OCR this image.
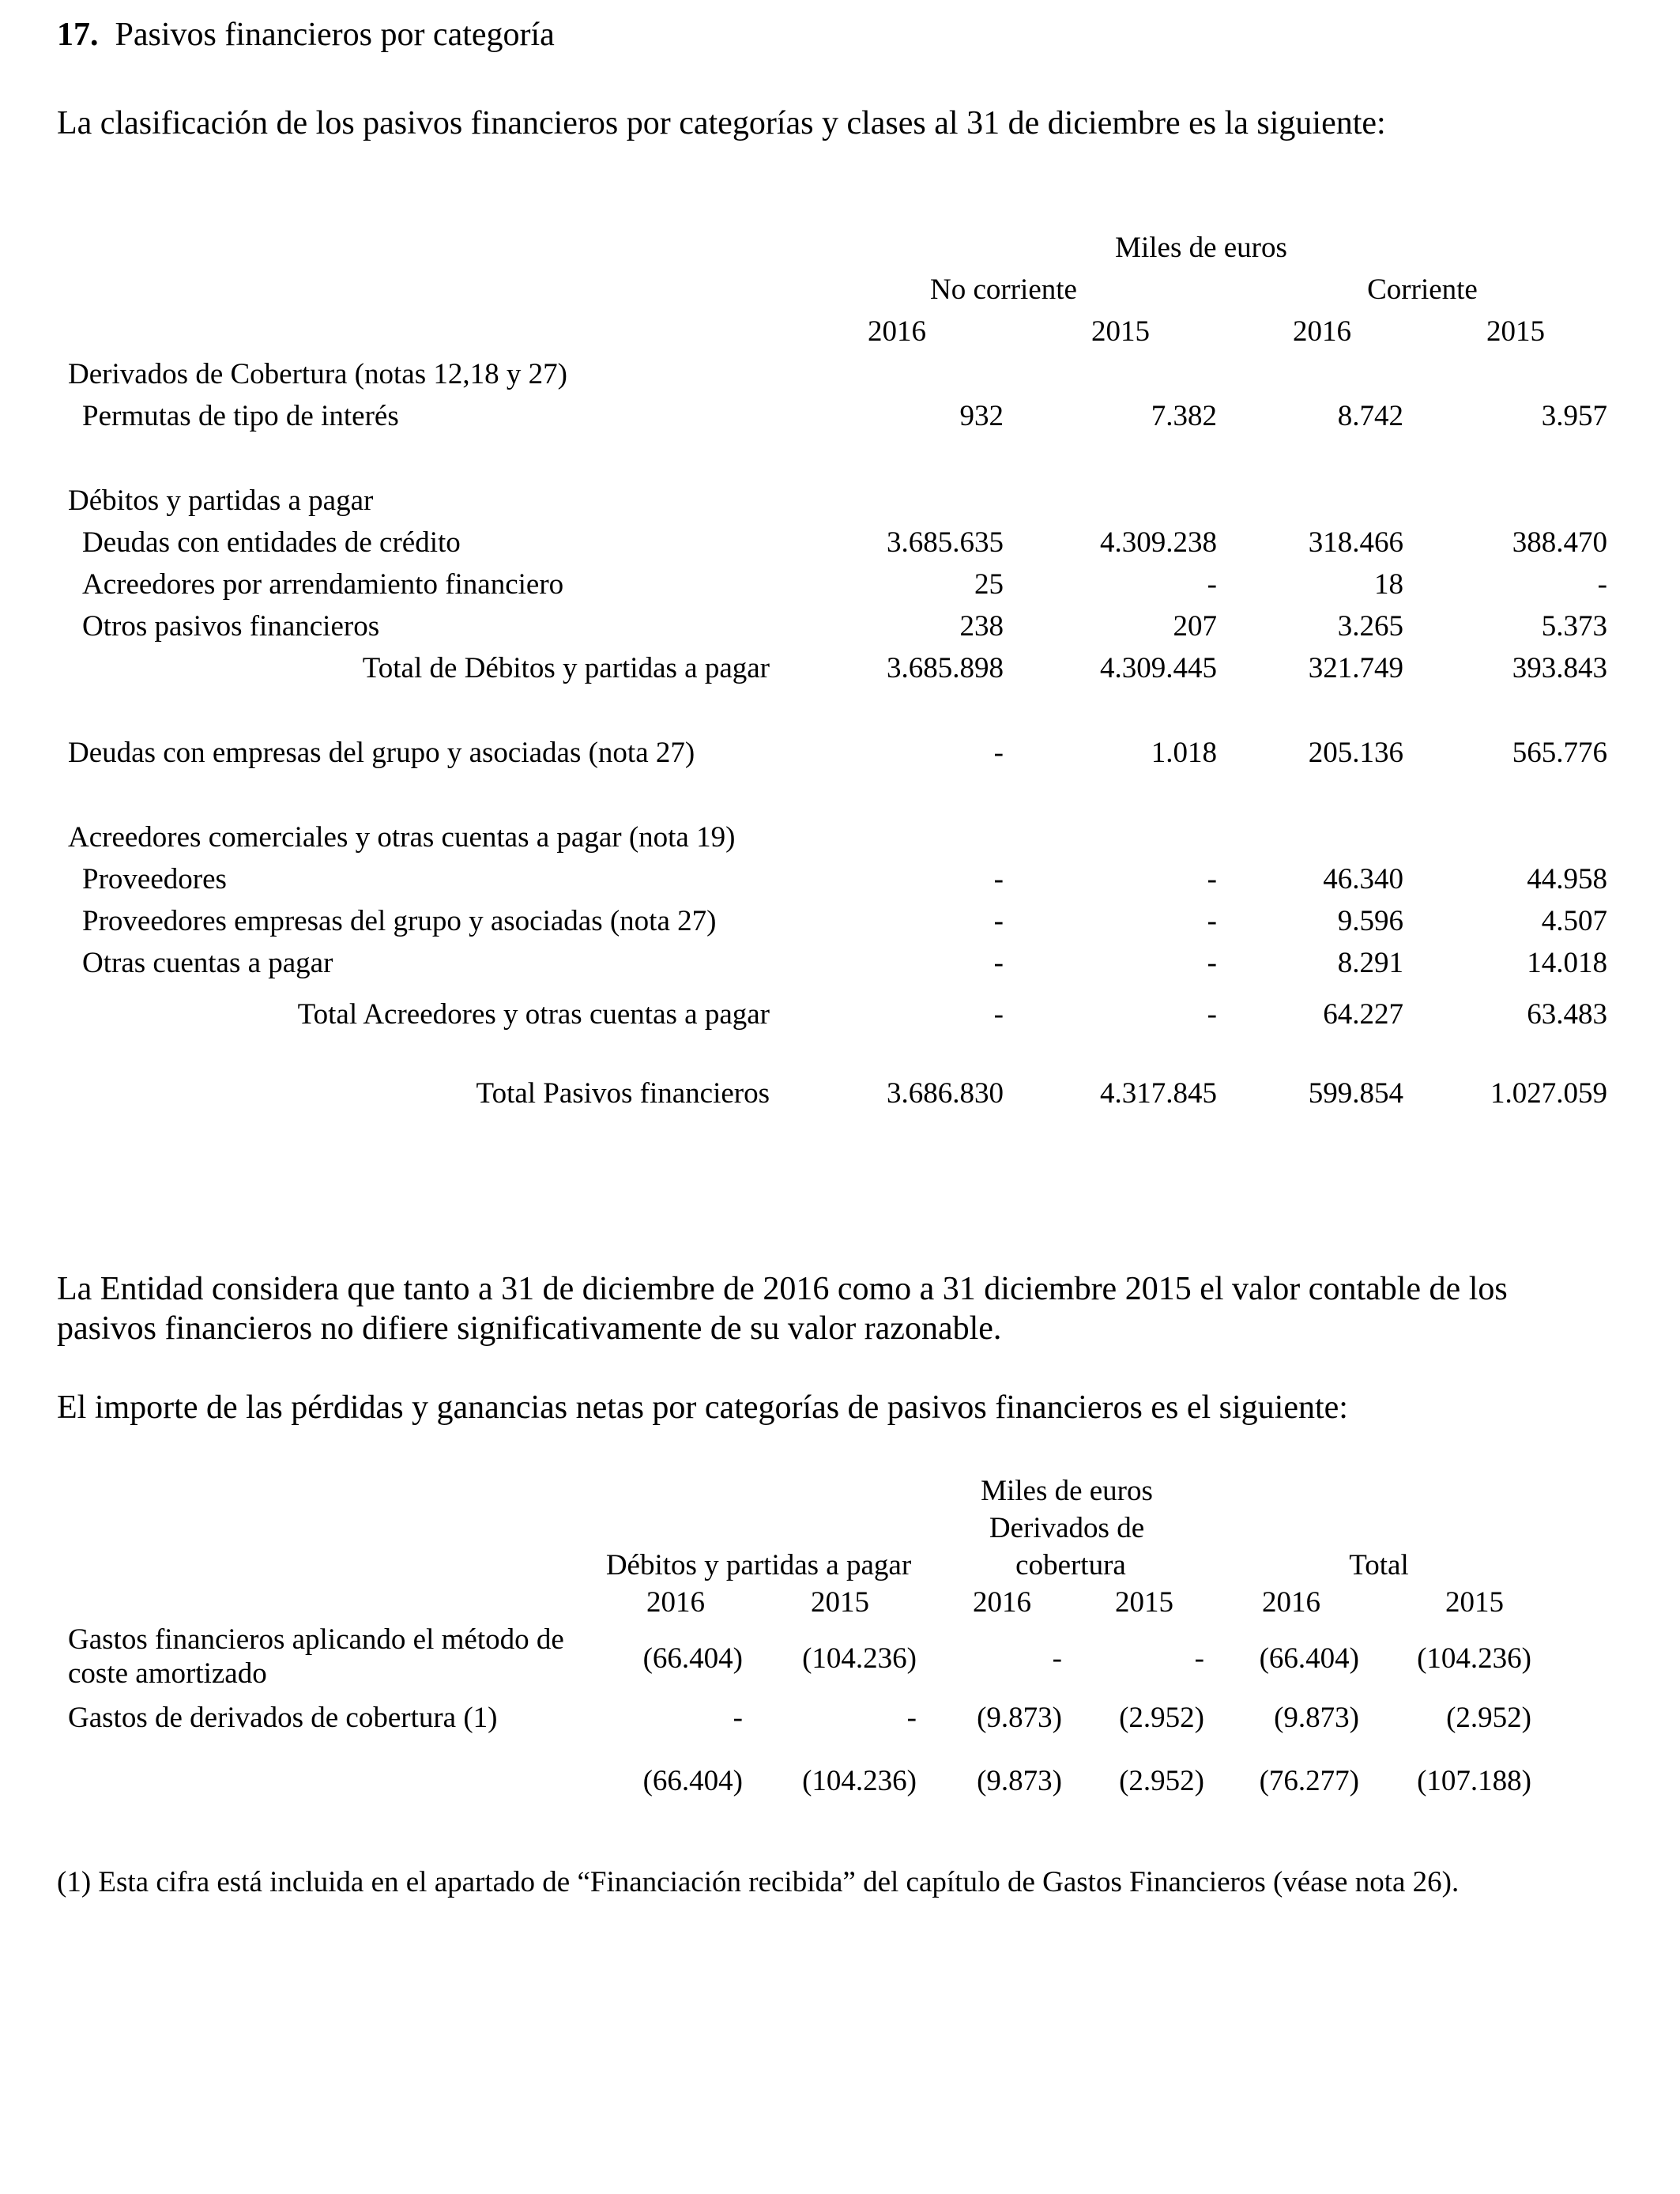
17. Pasivos financieros por categoría
La clasificación de los pasivos financieros por categorías y clases al 31 de diciembre es la siguiente:
Miles de euros
No corriente	Corriente
2016	2015	2016	2015
Derivados de Cobertura (notas 12,18 y 27)
Permutas de tipo de interés	932	7.382	8.742	3.957
Débitos y partidas a pagar
Deudas con entidades de crédito	3.685.635	4.309.238	318.466	388.470
Acreedores por arrendamiento financiero	25	-	18	-
Otros pasivos financieros	238	207	3.265	5.373
Total de Débitos y partidas a pagar	3.685.898	4.309.445	321.749	393.843
Deudas con empresas del grupo y asociadas (nota 27)	-	1.018	205.136	565.776
Acreedores comerciales y otras cuentas a pagar (nota 19)
Proveedores	-	-	46.340	44.958
Proveedores empresas del grupo y asociadas (nota 27)	-	-	9.596	4.507
Otras cuentas a pagar	-	-	8.291	14.018
Total Acreedores y otras cuentas a pagar	-	-	64.227	63.483
Total Pasivos financieros	3.686.830	4.317.845	599.854	1.027.059
La Entidad considera que tanto a 31 de diciembre de 2016 como a 31 diciembre 2015 el valor contable de los
pasivos financieros no difiere significativamente de su valor razonable.
El importe de las pérdidas y ganancias netas por categorías de pasivos financieros es el siguiente:
Miles de euros
Derivados de
Débitos y partidas a pagar	cobertura	Total
2016	2015	2016	2015	2016	2015
Gastos financieros aplicando el método de
coste amortizado	(66.404) (104.236)	-	- (66.404) (104.236)
Gastos de derivados de cobertura (1)	-	- (9.873) (2.952) (9.873)	(2.952)
(66.404) (104.236) (9.873) (2.952) (76.277) (107.188)
(1) Esta cifra está incluida en el apartado de “Financiación recibida” del capítulo de Gastos Financieros (véase nota 26).
